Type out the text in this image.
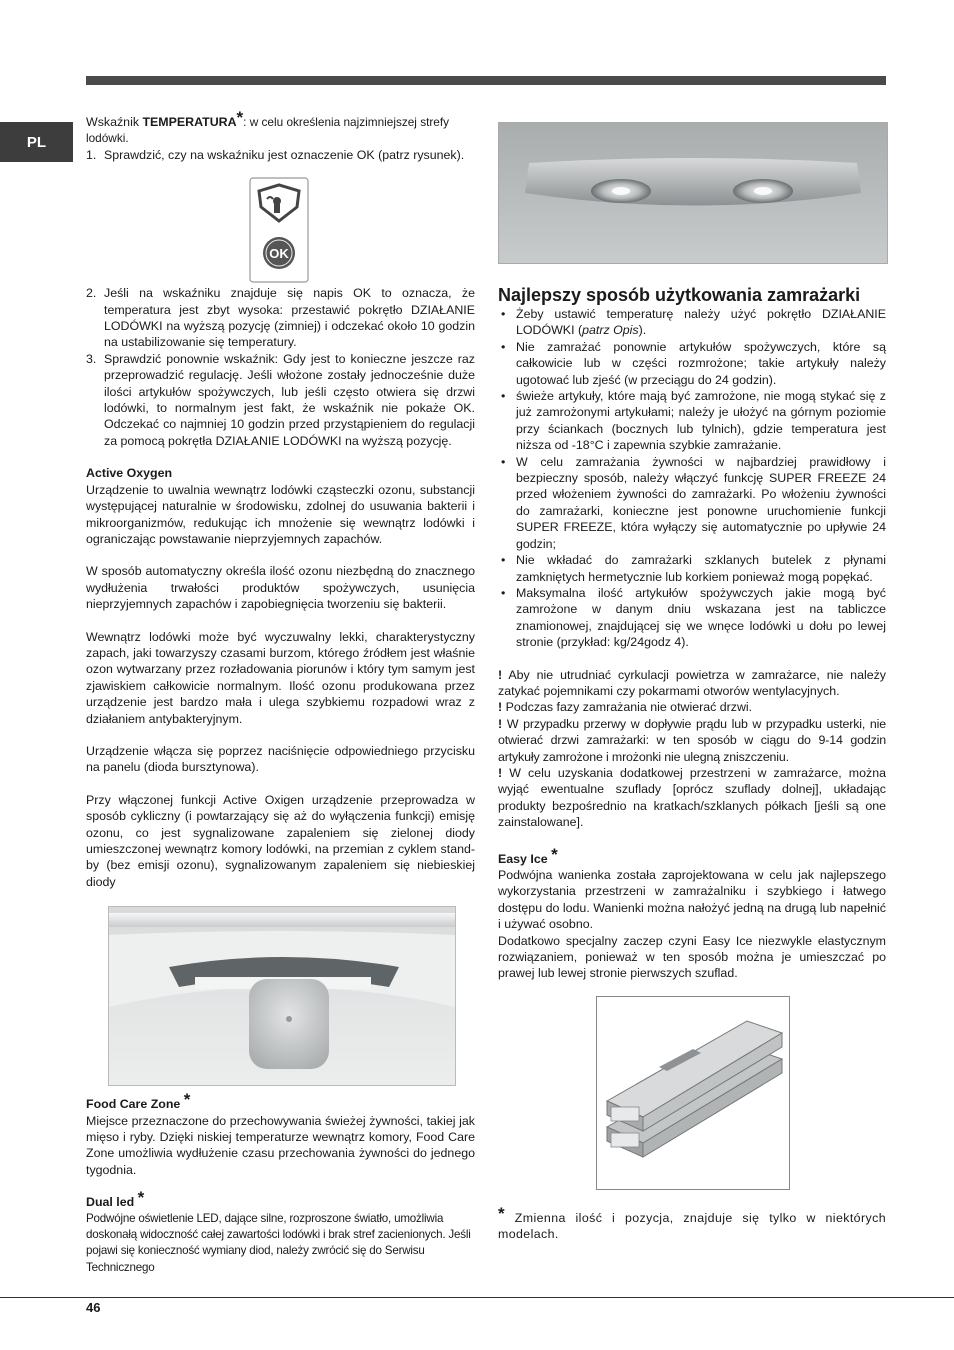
PL

Wskaźnik TEMPERATURA*: w celu określenia najzimniejszej strefy lodówki.

1. Sprawdzić, czy na wskaźniku jest oznaczenie OK (patrz rysunek).
OK
2. Jeśli na wskaźniku znajduje się napis OK to oznacza, że temperatura jest zbyt wysoka: przestawić pokrętło DZIAŁANIE LODÓWKI na wyższą pozycję (zimniej) i odczekać około 10 godzin na ustabilizowanie się temperatury.
3. Sprawdzić ponownie wskaźnik: Gdy jest to konieczne jeszcze raz przeprowadzić regulację. Jeśli włożone zostały jednocześnie duże ilości artykułów spożywczych, lub jeśli często otwiera się drzwi lodówki, to normalnym jest fakt, że wskaźnik nie pokaże OK. Odczekać co najmniej 10 godzin przed przystąpieniem do regulacji za pomocą pokrętła DZIAŁANIE LODÓWKI na wyższą pozycję.

Active Oxygen

Urządzenie to uwalnia wewnątrz lodówki cząsteczki ozonu, substancji występującej naturalnie w środowisku, zdolnej do usuwania bakterii i mikroorganizmów, redukując ich mnożenie się wewnątrz lodówki i ograniczając powstawanie nieprzyjemnych zapachów.

W sposób automatyczny określa ilość ozonu niezbędną do znacznego wydłużenia trwałości produktów spożywczych, usunięcia nieprzyjemnych zapachów i zapobiegnięcia tworzeniu się bakterii.

Wewnątrz lodówki może być wyczuwalny lekki, charakterystyczny zapach, jaki towarzyszy czasami burzom, którego źródłem jest właśnie ozon wytwarzany przez rozładowania piorunów i który tym samym jest zjawiskiem całkowicie normalnym. Ilość ozonu produkowana przez urządzenie jest bardzo mała i ulega szybkiemu rozpadowi wraz z działaniem antybakteryjnym.

Urządzenie włącza się poprzez naciśnięcie odpowiedniego przycisku na panelu (dioda bursztynowa).

Przy włączonej funkcji Active Oxigen urządzenie przeprowadza w sposób cykliczny (i powtarzający się aż do wyłączenia funkcji) emisję ozonu, co jest sygnalizowane zapaleniem się zielonej diody umieszczonej wewnątrz komory lodówki, na przemian z cyklem stand-by (bez emisji ozonu), sygnalizowanym zapaleniem się niebieskiej diody

Food Care Zone *

Miejsce przeznaczone do przechowywania świeżej żywności, takiej jak mięso i ryby. Dzięki niskiej temperaturze wewnątrz komory, Food Care Zone umożliwia wydłużenie czasu przechowania żywności do jednego tygodnia.

Dual led *

Podwójne oświetlenie LED, dające silne, rozproszone światło, umożliwia doskonałą widoczność całej zawartości lodówki i brak stref zacienionych. Jeśli pojawi się konieczność wymiany diod, należy zwrócić się do Serwisu Technicznego

Najlepszy sposób użytkowania zamrażarki

• Żeby ustawić temperaturę należy użyć pokrętło DZIAŁANIE LODÓWKI (patrz Opis).
• Nie zamrażać ponownie artykułów spożywczych, które są całkowicie lub w części rozmrożone; takie artykuły należy ugotować lub zjeść (w przeciągu do 24 godzin).
• świeże artykuły, które mają być zamrożone, nie mogą stykać się z już zamrożonymi artykułami; należy je ułożyć na górnym poziomie przy ściankach (bocznych lub tylnich), gdzie temperatura jest niższa od -18°C i zapewnia szybkie zamrażanie.
• W celu zamrażania żywności w najbardziej prawidłowy i bezpieczny sposób, należy włączyć funkcję SUPER FREEZE 24 przed włożeniem żywności do zamrażarki. Po włożeniu żywności do zamrażarki, konieczne jest ponowne uruchomienie funkcji SUPER FREEZE, która wyłączy się automatycznie po upływie 24 godzin;
• Nie wkładać do zamrażarki szklanych butelek z płynami zamkniętych hermetycznie lub korkiem ponieważ mogą popękać.
• Maksymalna ilość artykułów spożywczych jakie mogą być zamrożone w danym dniu wskazana jest na tabliczce znamionowej, znajdującej się we wnęce lodówki u dołu po lewej stronie (przykład: kg/24godz 4).

! Aby nie utrudniać cyrkulacji powietrza w zamrażarce, nie należy zatykać pojemnikami czy pokarmami otworów wentylacyjnych.

! Podczas fazy zamrażania nie otwierać drzwi.

! W przypadku przerwy w dopływie prądu lub w przypadku usterki, nie otwierać drzwi zamrażarki: w ten sposób w ciągu do 9-14 godzin artykuły zamrożone i mrożonki nie ulegną zniszczeniu.

! W celu uzyskania dodatkowej przestrzeni w zamrażarce, można wyjąć ewentualne szuflady [oprócz szuflady dolnej], układając produkty bezpośrednio na kratkach/szklanych półkach [jeśli są one zainstalowane].

Easy Ice *

Podwójna wanienka została zaprojektowana w celu jak najlepszego wykorzystania przestrzeni w zamrażalniku i szybkiego i łatwego dostępu do lodu. Wanienki można nałożyć jedną na drugą lub napełnić i używać osobno.

Dodatkowo specjalny zaczep czyni Easy Ice niezwykle elastycznym rozwiązaniem, ponieważ w ten sposób można je umieszczać po prawej lub lewej stronie pierwszych szuflad.

* Zmienna ilość i pozycja, znajduje się tylko w niektórych modelach.

46
